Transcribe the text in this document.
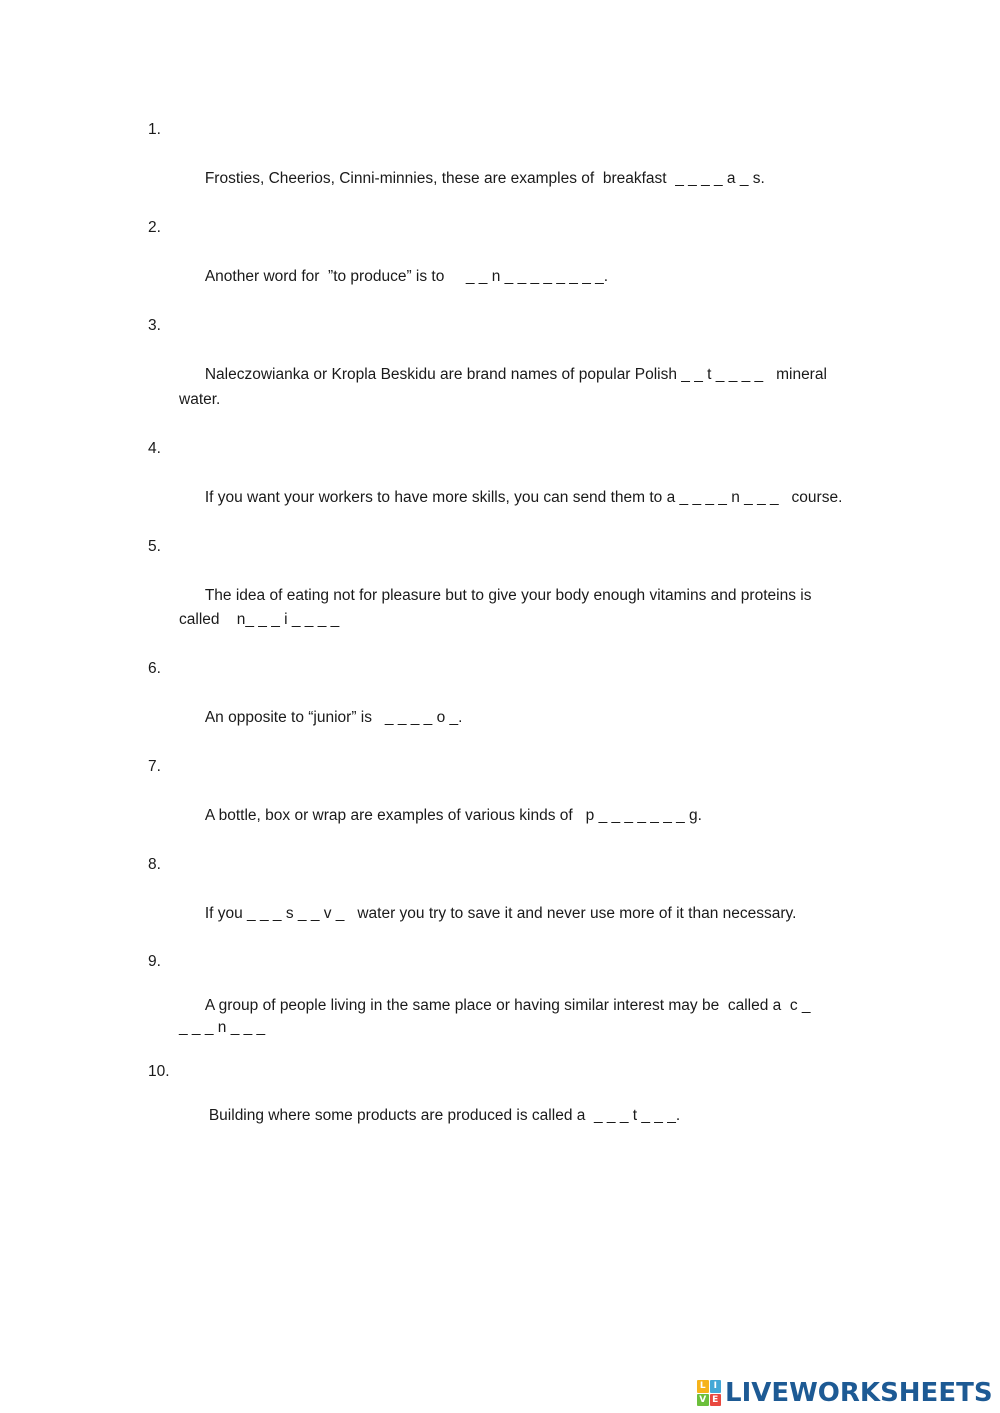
1.

Frosties, Cheerios, Cinni-minnies, these are examples of  breakfast  _ _ _ _ a _ s.

2.

Another word for  ”to produce” is to     _ _ n _ _ _ _ _ _ _ _.

3.

Naleczowianka or Kropla Beskidu are brand names of popular Polish _ _ t _ _ _ _   mineral
water.

4.

If you want your workers to have more skills, you can send them to a _ _ _ _ n _ _ _   course.

5.

The idea of eating not for pleasure but to give your body enough vitamins and proteins is
called    n_ _ _ i _ _ _ _

6.

An opposite to “junior” is   _ _ _ _ o _.

7.

A bottle, box or wrap are examples of various kinds of   p _ _ _ _ _ _ _ g.

8.

If you _ _ _ s _ _ v _   water you try to save it and never use more of it than necessary.

9.

A group of people living in the same place or having similar interest may be  called a  c _
_ _ _ n _ _ _

10.

Building where some products are produced is called a  _ _ _ t _ _ _.

L I
V E LIVEWORKSHEETS
